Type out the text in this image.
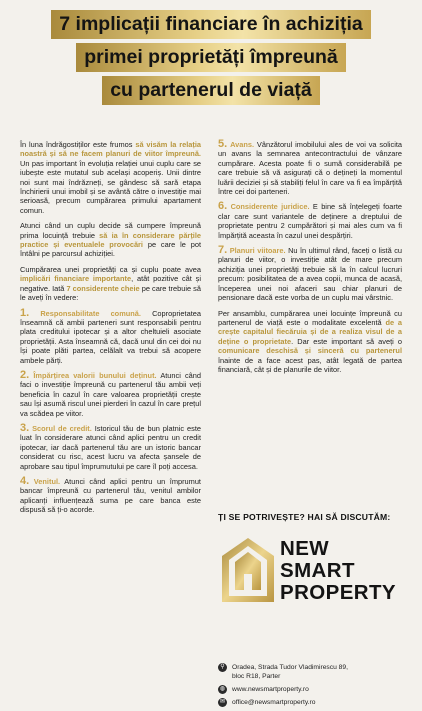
7 implicații financiare în achiziția
primei proprietăți împreună
cu partenerul de viață

În luna îndrăgostiților este frumos să visăm la relația noastră și să ne facem planuri de viitor împreună. Un pas important în evoluția relației unui cuplu care se iubește este mutatul sub același acoperiș. Unii dintre noi sunt mai îndrăzneți, se gândesc să sară etapa închirierii unui imobil și se avântă către o investiție mai serioasă, precum cumpărarea primului apartament comun.

Atunci când un cuplu decide să cumpere împreună prima locuință trebuie să ia în considerare părțile practice și eventualele provocări pe care le pot întâlni pe parcursul achiziției.

Cumpărarea unei proprietăți ca și cuplu poate avea implicări financiare importante, atât pozitive cât și negative. Iată 7 considerente cheie pe care trebuie să le aveți în vedere:

1. Responsabilitate comună. Coproprietatea înseamnă că ambii parteneri sunt responsabili pentru plata creditului ipotecar și a altor cheltuieli asociate proprietății. Asta înseamnă că, dacă unul din cei doi nu își poate plăti partea, celălalt va trebui să acopere ambele părți.

2. Împărțirea valorii bunului deținut. Atunci când faci o investiție împreună cu partenerul tău ambii veți beneficia în cazul în care valoarea proprietății crește sau își asumă riscul unei pierderi în cazul în care prețul va scădea pe viitor.

3. Scorul de credit. Istoricul tău de bun platnic este luat în considerare atunci când aplici pentru un credit ipotecar, iar dacă partenerul tău are un istoric bancar considerat cu risc, acest lucru va afecta șansele de aprobare sau tipul împrumutului pe care îl poți accesa.

4. Venitul. Atunci când aplici pentru un împrumut bancar împreună cu partenerul tău, venitul ambilor aplicanți influențează suma pe care banca este dispusă să ți-o acorde.

5. Avans. Vânzătorul imobilului ales de voi va solicita un avans la semnarea antecontractului de vânzare cumpărare. Acesta poate fi o sumă considerabilă pe care trebuie să vă asigurați că o dețineți la momentul luării deciziei și să stabiliți felul în care va fi ea împărțită între cei doi parteneri.

6. Considerente juridice. E bine să înțelegeți foarte clar care sunt variantele de deținere a dreptului de proprietate pentru 2 cumpărători și mai ales cum va fi împărțită aceasta în cazul unei despărțiri.

7. Planuri viitoare. Nu în ultimul rând, faceți o listă cu planuri de viitor, o investiție atât de mare precum achiziția unei proprietăți trebuie să la în calcul lucruri precum: posibilitatea de a avea copii, munca de acasă, începerea unei noi afaceri sau chiar planuri de pensionare dacă este vorba de un cuplu mai vârstnic.

Per ansamblu, cumpărarea unei locuințe împreună cu partenerul de viață este o modalitate excelentă de a crește capitalul fiecăruia și de a realiza visul de a deține o proprietate. Dar este important să aveți o comunicare deschisă și sinceră cu partenerul înainte de a face acest pas, atât legată de partea financiară, cât și de planurile de viitor.

ȚI SE POTRIVEȘTE? HAI SĂ DISCUTĂM:
NEW
SMART
PROPERTY
⚲	Oradea, Strada Tudor Vladimirescu 89,
bloc R18, Parter
◍ www.newsmartproperty.ro
✉ office@newsmartproperty.ro
